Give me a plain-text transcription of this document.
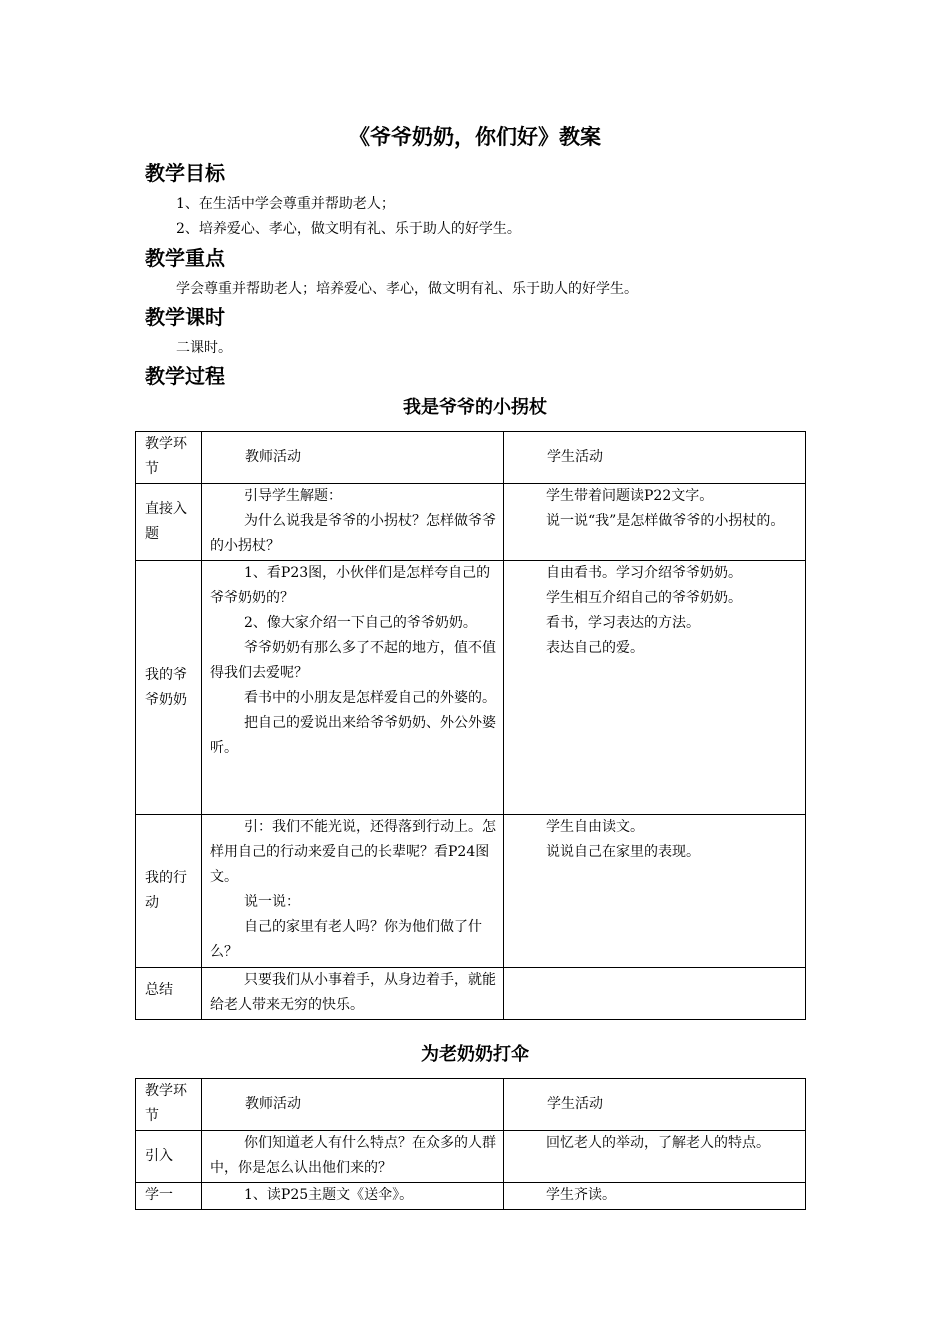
《爷爷奶奶，你们好》教案
教学目标
1、在生活中学会尊重并帮助老人；
2、培养爱心、孝心，做文明有礼、乐于助人的好学生。
教学重点
学会尊重并帮助老人；培养爱心、孝心，做文明有礼、乐于助人的好学生。
教学课时
二课时。
教学过程
我是爷爷的小拐杖
教学环节	教师活动	学生活动

直接入题	引导学生解题：
为什么说我是爷爷的小拐杖？怎样做爷爷的小拐杖？	学生带着问题读P22文字。
说一说“我”是怎样做爷爷的小拐杖的。

我的爷爷奶奶	1、看P23图，小伙伴们是怎样夸自己的爷爷奶奶的？
2、像大家介绍一下自己的爷爷奶奶。
爷爷奶奶有那么多了不起的地方，值不值得我们去爱呢？
看书中的小朋友是怎样爱自己的外婆的。
把自己的爱说出来给爷爷奶奶、外公外婆听。	自由看书。学习介绍爷爷奶奶。
学生相互介绍自己的爷爷奶奶。
看书，学习表达的方法。
表达自己的爱。

我的行动	引：我们不能光说，还得落到行动上。怎样用自己的行动来爱自己的长辈呢？看P24图文。
说一说：
自己的家里有老人吗？你为他们做了什么？	学生自由读文。
说说自己在家里的表现。

总结	只要我们从小事着手，从身边着手，就能给老人带来无穷的快乐。	

为老奶奶打伞
教学环节	教师活动	学生活动

引入	你们知道老人有什么特点？在众多的人群中，你是怎么认出他们来的？	回忆老人的举动，了解老人的特点。

学一	1、读P25主题文《送伞》。	学生齐读。
